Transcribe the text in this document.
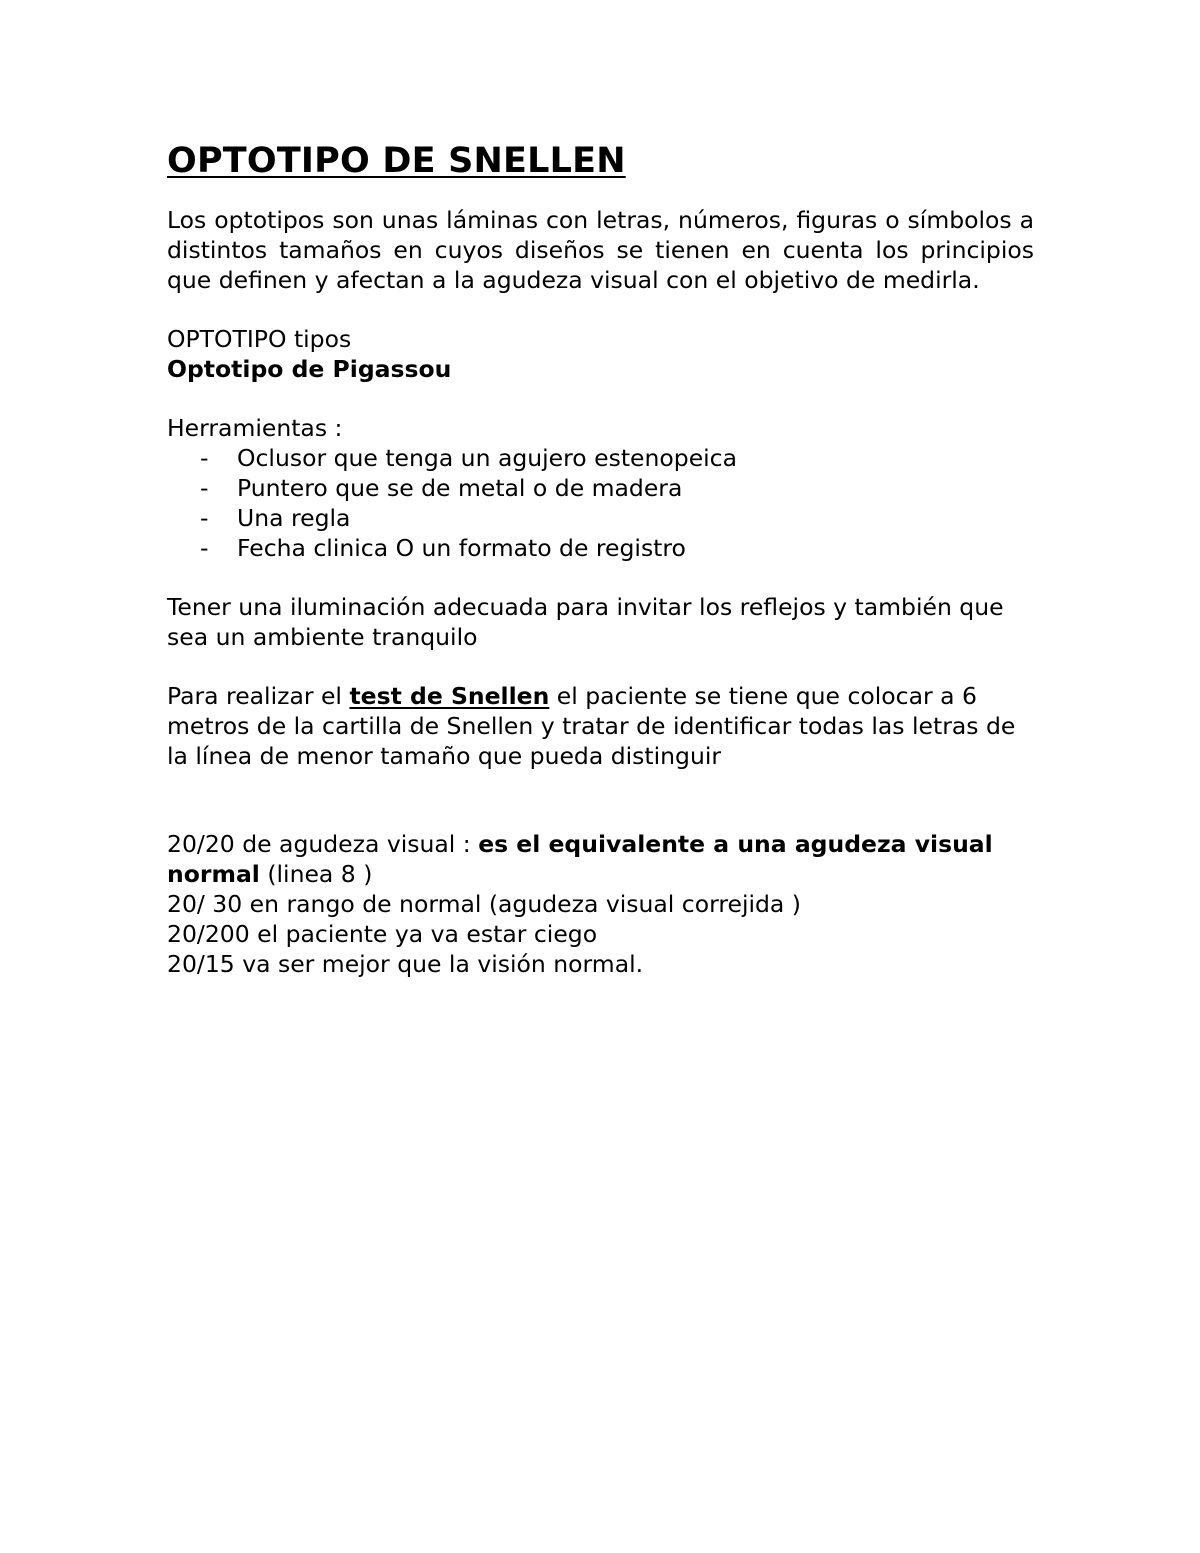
OPTOTIPO DE SNELLEN

Los optotipos son unas láminas con letras, números, figuras o símbolos a distintos tamaños en cuyos diseños se tienen en cuenta los principios que definen y afectan a la agudeza visual con el objetivo de medirla.

OPTOTIPO tipos

Optotipo de Pigassou

Herramientas :

- Oclusor que tenga un agujero estenopeica
- Puntero que se de metal o de madera
- Una regla
- Fecha clinica O un formato de registro

Tener una iluminación adecuada para invitar los reflejos y también que sea un ambiente tranquilo

Para realizar el test de Snellen el paciente se tiene que colocar a 6 metros de la cartilla de Snellen y tratar de identificar todas las letras de la línea de menor tamaño que pueda distinguir

20/20 de agudeza visual : es el equivalente a una agudeza visual normal (linea 8 )

20/ 30 en rango de normal (agudeza visual correjida )

20/200 el paciente ya va estar ciego

20/15 va ser mejor que la visión normal.
